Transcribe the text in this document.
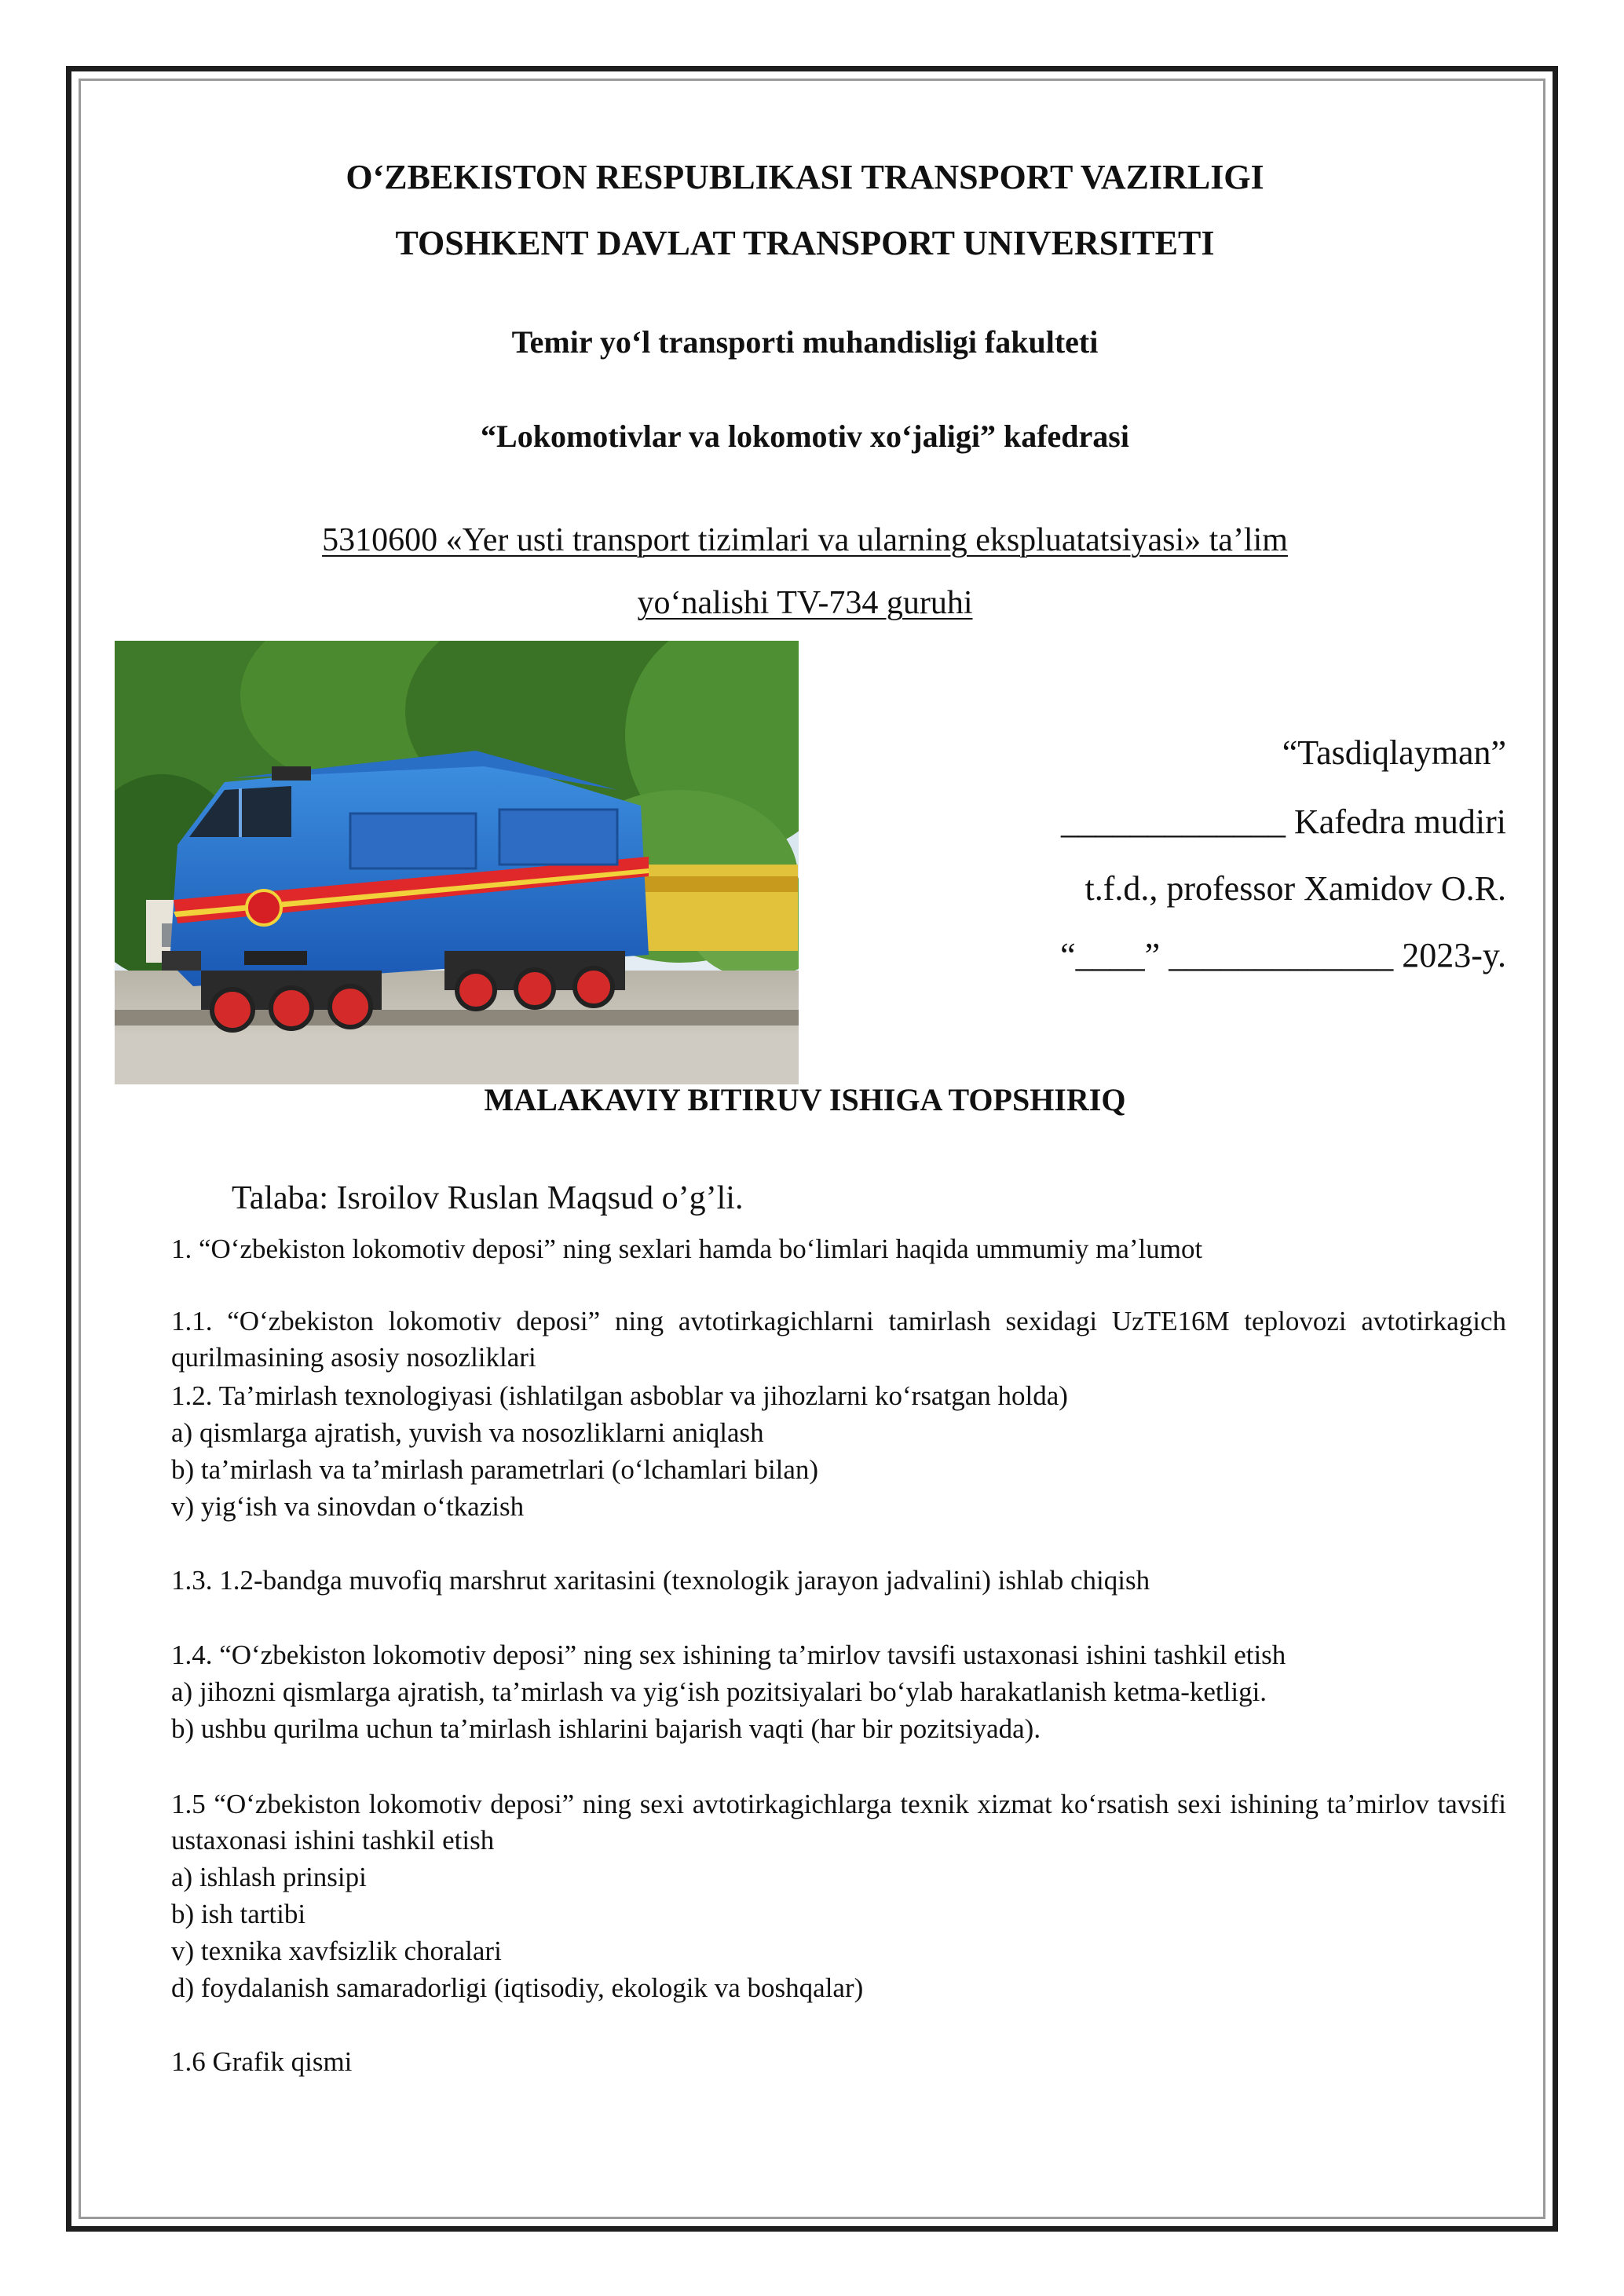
O‘ZBEKISTON RESPUBLIKASI TRANSPORT VAZIRLIGI
TOSHKENT DAVLAT TRANSPORT UNIVERSITETI
Temir yo‘l transporti muhandisligi fakulteti
“Lokomotivlar va lokomotiv xo‘jaligi” kafedrasi
5310600 «Yer usti transport tizimlari va ularning ekspluatatsiyasi» ta’lim
yo‘nalishi TV-734 guruhi
“Tasdiqlayman”
_____________ Kafedra mudiri
t.f.d., professor Xamidov O.R.
“____” _____________ 2023-y.
MALAKAVIY BITIRUV ISHIGA TOPSHIRIQ
Talaba: Isroilov Ruslan Maqsud o’g’li.
1. “O‘zbekiston lokomotiv deposi” ning sexlari hamda bo‘limlari haqida ummumiy ma’lumot
1.1. “O‘zbekiston lokomotiv deposi” ning avtotirkagichlarni tamirlash sexidagi UzTE16M teplovozi avtotirkagich qurilmasining asosiy nosozliklari
1.2. Ta’mirlash texnologiyasi (ishlatilgan asboblar va jihozlarni ko‘rsatgan holda)
a) qismlarga ajratish, yuvish va nosozliklarni aniqlash
b) ta’mirlash va ta’mirlash parametrlari (o‘lchamlari bilan)
v) yig‘ish va sinovdan o‘tkazish
1.3. 1.2-bandga muvofiq marshrut xaritasini (texnologik jarayon jadvalini) ishlab chiqish
1.4. “O‘zbekiston lokomotiv deposi” ning sex ishining ta’mirlov tavsifi ustaxonasi ishini tashkil etish
a) jihozni qismlarga ajratish, ta’mirlash va yig‘ish pozitsiyalari bo‘ylab harakatlanish ketma-ketligi.
b) ushbu qurilma uchun ta’mirlash ishlarini bajarish vaqti (har bir pozitsiyada).
1.5 “O‘zbekiston lokomotiv deposi” ning sexi avtotirkagichlarga texnik xizmat ko‘rsatish sexi ishining ta’mirlov tavsifi ustaxonasi ishini tashkil etish
a) ishlash prinsipi
b) ish tartibi
v) texnika xavfsizlik choralari
d) foydalanish samaradorligi (iqtisodiy, ekologik va boshqalar)
1.6 Grafik qismi
